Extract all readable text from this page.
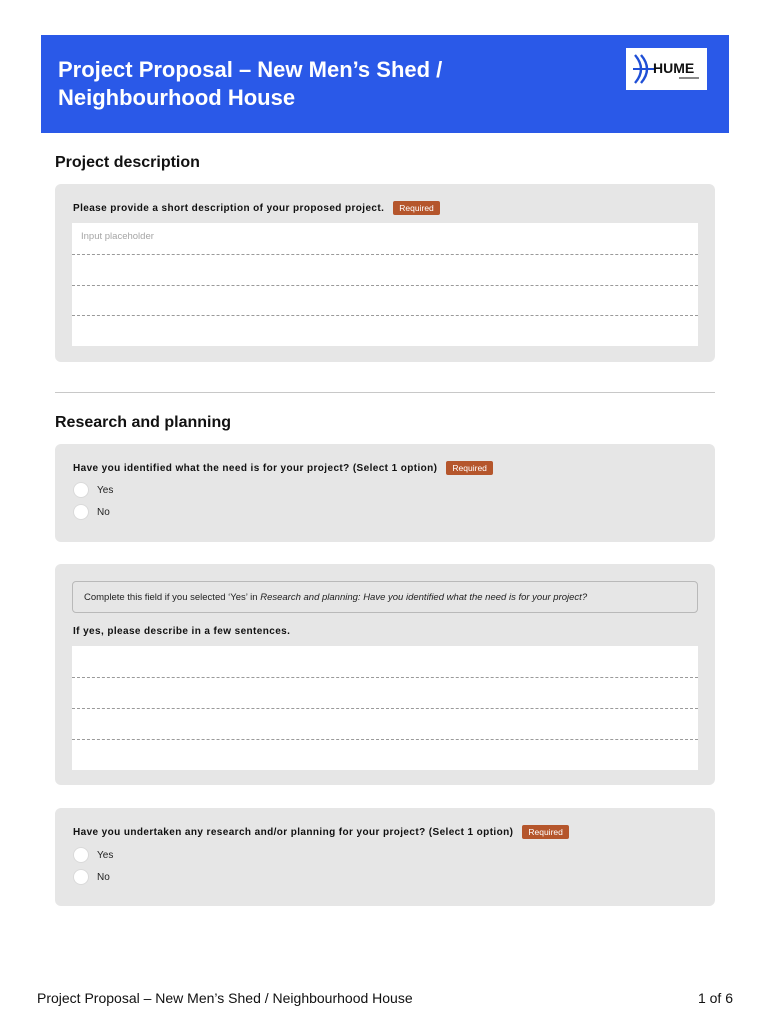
Project Proposal – New Men’s Shed / Neighbourhood House
HUME
Project description
Please provide a short description of your proposed project.	Required
Input placeholder
Research and planning
Have you identified what the need is for your project? (Select 1 option)	Required
Yes
No
Complete this field if you selected ‘Yes’ in Research and planning: Have you identified what the need is for your project?
If yes, please describe in a few sentences.
Have you undertaken any research and/or planning for your project? (Select 1 option)	Required
Yes
No
Project Proposal – New Men’s Shed / Neighbourhood House	1 of 6
